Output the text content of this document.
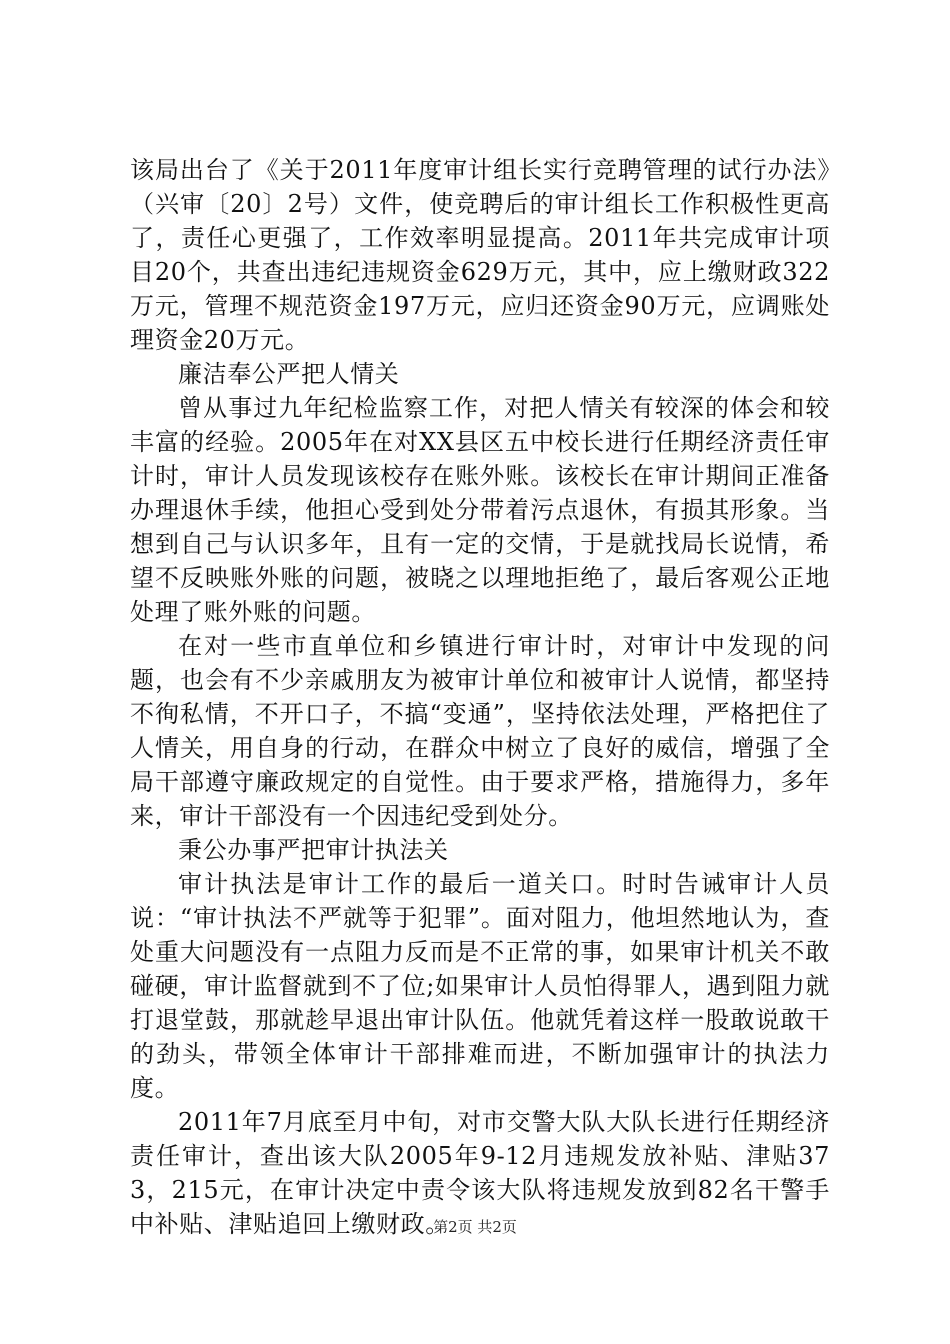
该局出台了《关于2011年度审计组长实行竞聘管理的试行办法》（兴审〔20〕2号）文件，使竞聘后的审计组长工作积极性更高了，责任心更强了，工作效率明显提高。2011年共完成审计项目20个，共查出违纪违规资金629万元，其中，应上缴财政322万元，管理不规范资金197万元，应归还资金90万元，应调账处理资金20万元。

廉洁奉公严把人情关

曾从事过九年纪检监察工作，对把人情关有较深的体会和较丰富的经验。2005年在对XX县区五中校长进行任期经济责任审计时，审计人员发现该校存在账外账。该校长在审计期间正准备办理退休手续，他担心受到处分带着污点退休，有损其形象。当想到自己与认识多年，且有一定的交情，于是就找局长说情，希望不反映账外账的问题，被晓之以理地拒绝了，最后客观公正地处理了账外账的问题。

在对一些市直单位和乡镇进行审计时，对审计中发现的问题，也会有不少亲戚朋友为被审计单位和被审计人说情，都坚持不徇私情，不开口子，不搞“变通”，坚持依法处理，严格把住了人情关，用自身的行动，在群众中树立了良好的威信，增强了全局干部遵守廉政规定的自觉性。由于要求严格，措施得力，多年来，审计干部没有一个因违纪受到处分。

秉公办事严把审计执法关

审计执法是审计工作的最后一道关口。时时告诫审计人员说：“审计执法不严就等于犯罪”。面对阻力，他坦然地认为，查处重大问题没有一点阻力反而是不正常的事，如果审计机关不敢碰硬，审计监督就到不了位;如果审计人员怕得罪人，遇到阻力就打退堂鼓，那就趁早退出审计队伍。他就凭着这样一股敢说敢干的劲头，带领全体审计干部排难而进，不断加强审计的执法力度。

2011年7月底至月中旬，对市交警大队大队长进行任期经济责任审计，查出该大队2005年9-12月违规发放补贴、津贴373，215元，在审计决定中责令该大队将违规发放到82名干警手中补贴、津贴追回上缴财政。

第2页 共2页
